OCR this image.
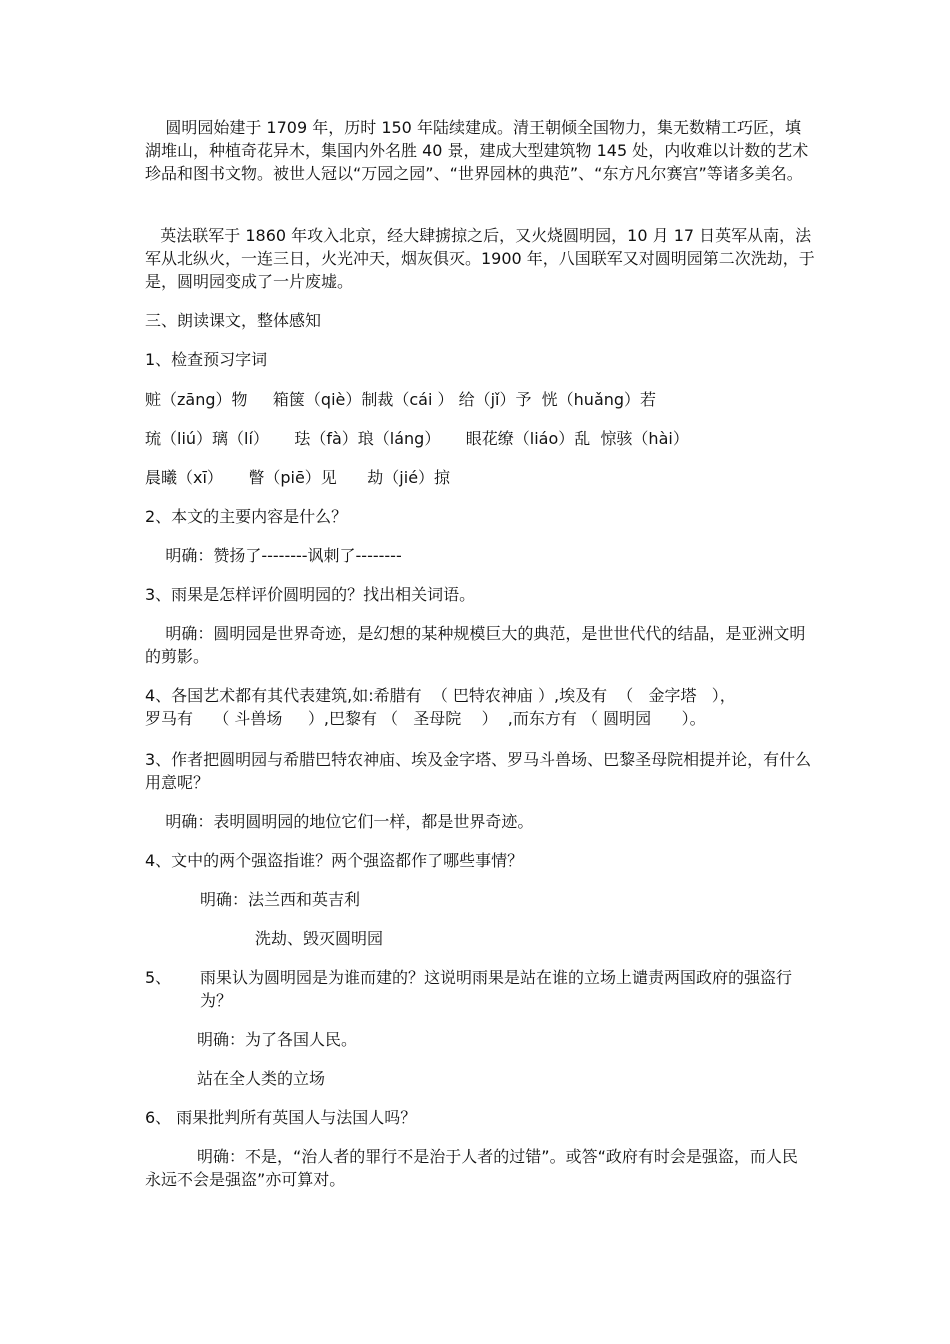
圆明园始建于 1709 年，历时 150 年陆续建成。清王朝倾全国物力，集无数精工巧匠，填湖堆山，种植奇花异木，集国内外名胜 40 景，建成大型建筑物 145 处，内收难以计数的艺术珍品和图书文物。被世人冠以“万园之园”、“世界园林的典范”、“东方凡尔赛宫”等诸多美名。

英法联军于 1860 年攻入北京，经大肆掳掠之后，又火烧圆明园，10 月 17 日英军从南，法军从北纵火，一连三日，火光冲天，烟灰俱灭。1900 年，八国联军又对圆明园第二次洗劫，于是，圆明园变成了一片废墟。

三、朗读课文，整体感知

1、检查预习字词

赃（zāng）物     箱箧（qiè）制裁（cái ） 给（jǐ）予  恍（huǎng）若

琉（liú）璃（lí）     珐（fà）琅（láng）     眼花缭（liáo）乱  惊骇（hài）

晨曦（xī）     瞥（piē）见      劫（jié）掠

2、本文的主要内容是什么？

明确：赞扬了--------讽刺了--------

3、雨果是怎样评价圆明园的？找出相关词语。

明确：圆明园是世界奇迹，是幻想的某种规模巨大的典范，是世世代代的结晶，是亚洲文明的剪影。

4、各国艺术都有其代表建筑,如:希腊有  （ 巴特农神庙 ）,埃及有  （   金字塔   ），

罗马有    （ 斗兽场     ）,巴黎有 （   圣母院    ）  ,而东方有 （ 圆明园      ）。

3、作者把圆明园与希腊巴特农神庙、埃及金字塔、罗马斗兽场、巴黎圣母院相提并论，有什么用意呢？

明确：表明圆明园的地位它们一样，都是世界奇迹。

4、文中的两个强盗指谁？两个强盗都作了哪些事情？

明确：法兰西和英吉利

洗劫、毁灭圆明园

5、 雨果认为圆明园是为谁而建的？这说明雨果是站在谁的立场上谴责两国政府的强盗行为？

明确：为了各国人民。

站在全人类的立场

6、 雨果批判所有英国人与法国人吗？

明确：不是，“治人者的罪行不是治于人者的过错”。或答“政府有时会是强盗，而人民永远不会是强盗”亦可算对。
